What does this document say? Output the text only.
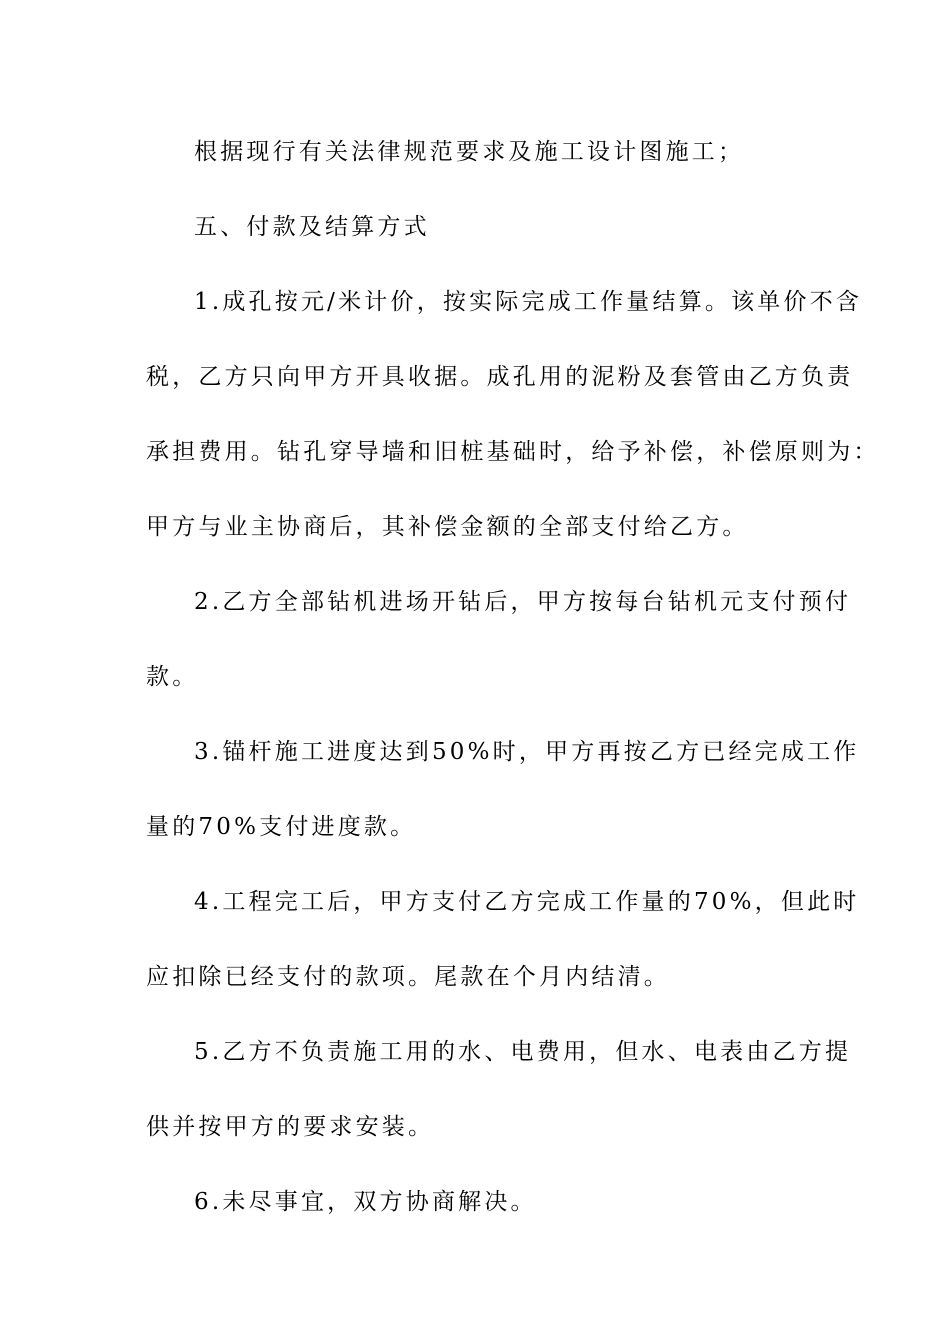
根据现行有关法律规范要求及施工设计图施工；
五、付款及结算方式
1.成孔按元/米计价，按实际完成工作量结算。该单价不含
税，乙方只向甲方开具收据。成孔用的泥粉及套管由乙方负责
承担费用。钻孔穿导墙和旧桩基础时，给予补偿，补偿原则为：
甲方与业主协商后，其补偿金额的全部支付给乙方。
2.乙方全部钻机进场开钻后，甲方按每台钻机元支付预付
款。
3.锚杆施工进度达到50%时，甲方再按乙方已经完成工作
量的70%支付进度款。
4.工程完工后，甲方支付乙方完成工作量的70%，但此时
应扣除已经支付的款项。尾款在个月内结清。
5.乙方不负责施工用的水、电费用，但水、电表由乙方提
供并按甲方的要求安装。
6.未尽事宜，双方协商解决。
